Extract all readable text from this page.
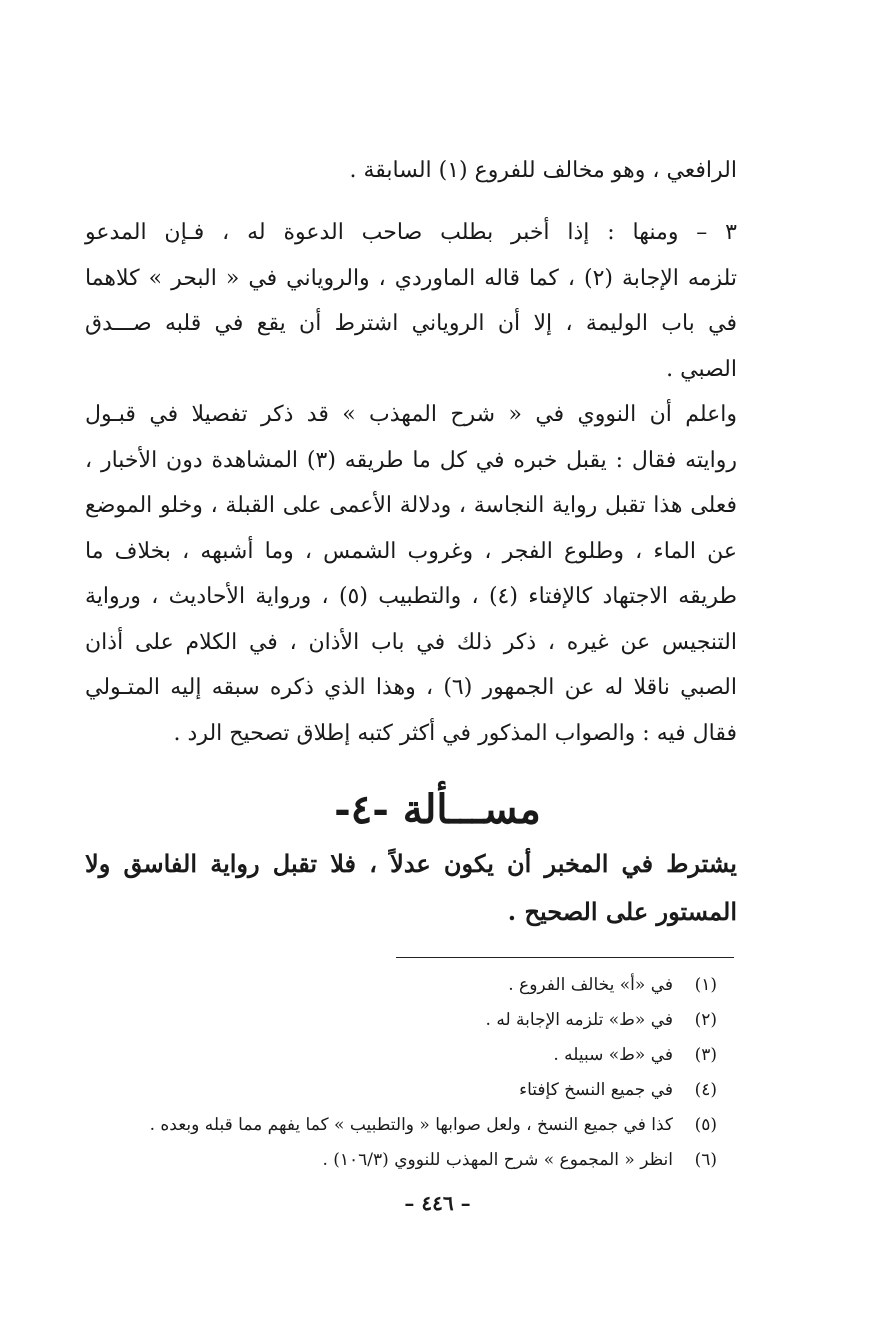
الرافعي ، وهو مخالف للفروع (١) السابقة .
٣ – ومنها : إذا أخبر بطلب صاحب الدعوة له ، فـإن المدعو
تلزمه الإجابة (٢) ، كما قاله الماوردي ، والروياني في « البحر » كلاهما
في باب الوليمة ، إلا أن الروياني اشترط أن يقع في قلبه صـــدق
الصبي .
واعلم أن النووي في « شرح المهذب » قد ذكر تفصيلا في قبـول
روايته فقال : يقبل خبره في كل ما طريقه (٣) المشاهدة دون الأخبار ،
فعلى هذا تقبل رواية النجاسة ، ودلالة الأعمى على القبلة ، وخلو الموضع
عن الماء ، وطلوع الفجر ، وغروب الشمس ، وما أشبهه ، بخلاف ما
طريقه الاجتهاد كالإفتاء (٤) ، والتطبيب (٥) ، ورواية الأحاديث ، ورواية
التنجيس عن غيره ، ذكر ذلك في باب الأذان ، في الكلام على أذان
الصبي ناقلا له عن الجمهور (٦) ، وهذا الذي ذكره سبقه إليه المتـولي
فقال فيه : والصواب المذكور في أكثر كتبه إطلاق تصحيح الرد .
مســـألة -٤-
يشترط في المخبر أن يكون عدلاً ، فلا تقبل رواية الفاسق ولا
المستور على الصحيح .
(١)في «أ» يخالف الفروع .
(٢)في «ط» تلزمه الإجابة له .
(٣)في «ط» سبيله .
(٤)في جميع النسخ كإفتاء
(٥)كذا في جميع النسخ ، ولعل صوابها « والتطبيب » كما يفهم مما قبله وبعده .
(٦)انظر « المجموع » شرح المهذب للنووي (١٠٦/٣) .
– ٤٤٦ –
